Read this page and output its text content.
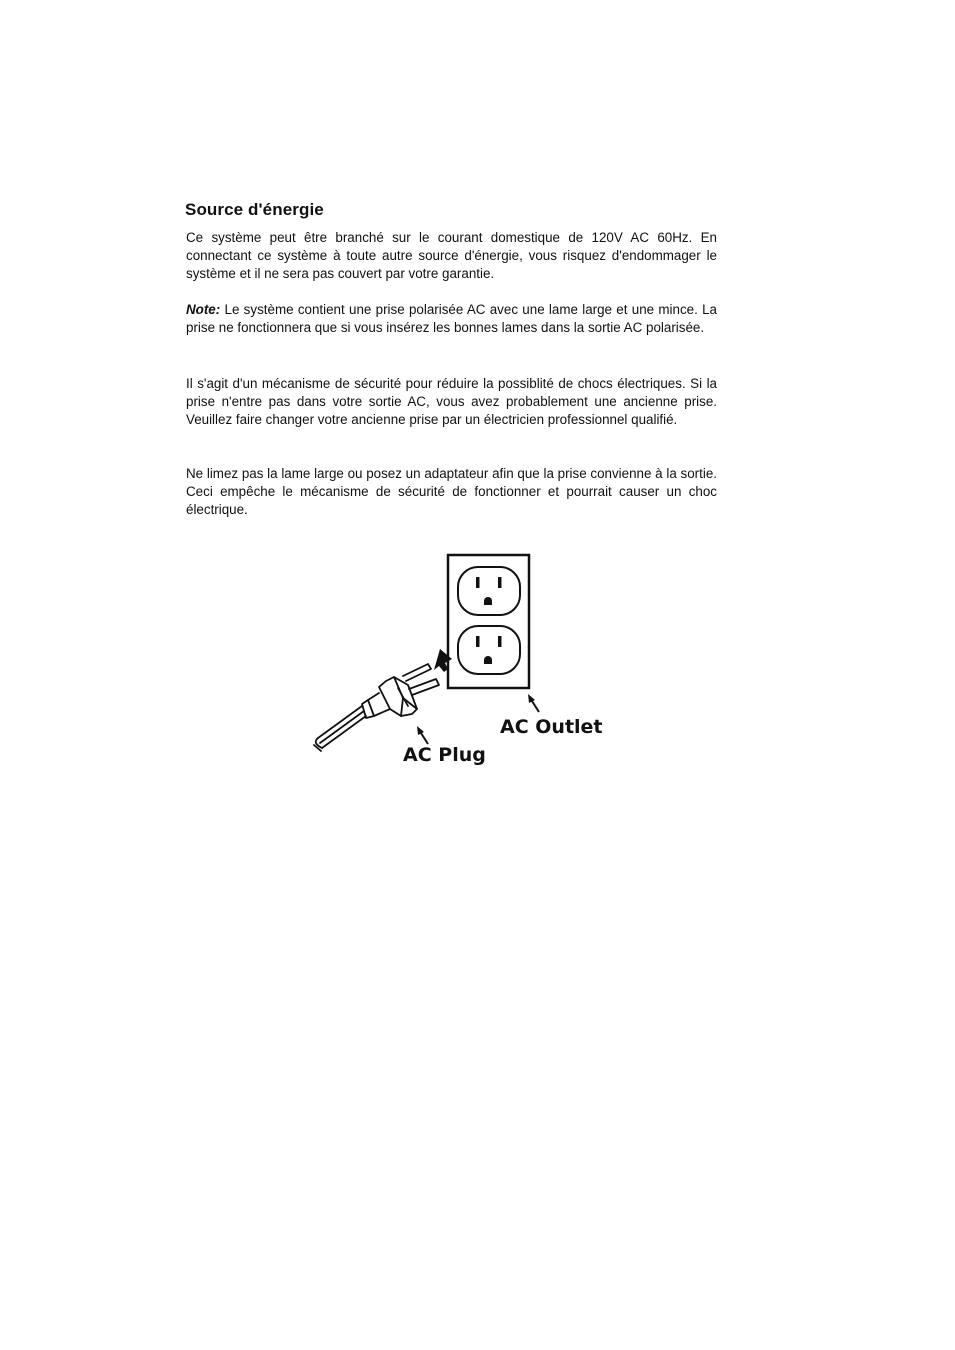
Source d'énergie

Ce système peut être branché sur le courant domestique de 120V AC 60Hz. En connectant ce système à toute autre source d'énergie, vous risquez d'endommager le système et il ne sera pas couvert par votre garantie.

Note: Le système contient une prise polarisée AC avec une lame large et une mince. La prise ne fonctionnera que si vous insérez les bonnes lames dans la sortie AC polarisée.

Il s'agit d'un mécanisme de sécurité pour réduire la possiblité de chocs électriques. Si la prise n'entre pas dans votre sortie AC, vous avez probablement une ancienne prise. Veuillez faire changer votre ancienne prise par un électricien professionnel qualifié.

Ne limez pas la lame large ou posez un adaptateur afin que la prise convienne à la sortie. Ceci empêche le mécanisme de sécurité de fonctionner et pourrait causer un choc électrique.

AC Outlet

AC Plug
